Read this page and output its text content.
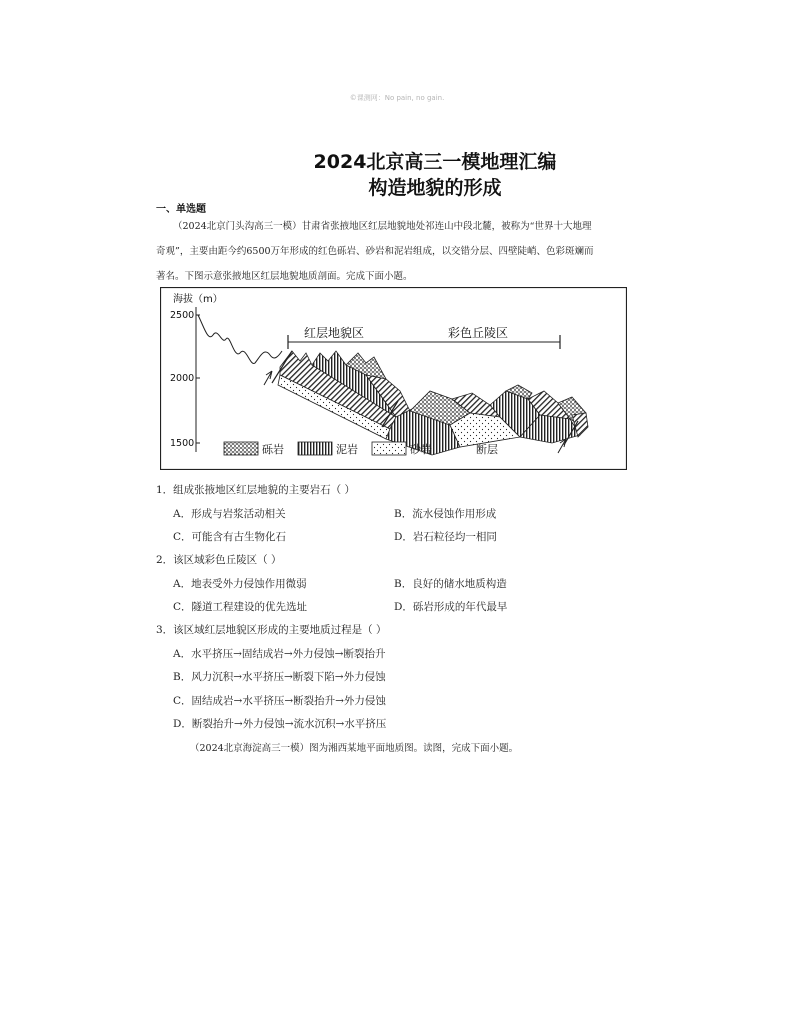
©课测网：No pain, no gain.
2024北京高三一模地理汇编
构造地貌的形成
一、单选题
（2024北京门头沟高三一模）甘肃省张掖地区红层地貌地处祁连山中段北麓，被称为“世界十大地理
奇观”，主要由距今约6500万年形成的红色砾岩、砂岩和泥岩组成，以交错分层、四壁陡峭、色彩斑斓而
著名。下图示意张掖地区红层地貌地质剖面。完成下面小题。
海拔（m）
2500
2000
1500
红层地貌区	彩色丘陵区
砾岩	泥岩	砂岩	断层
1．组成张掖地区红层地貌的主要岩石（ ）
A．形成与岩浆活动相关	B．流水侵蚀作用形成
C．可能含有古生物化石	D．岩石粒径均一相同
2．该区域彩色丘陵区（ ）
A．地表受外力侵蚀作用微弱	B．良好的储水地质构造
C．隧道工程建设的优先选址	D．砾岩形成的年代最早
3．该区域红层地貌区形成的主要地质过程是（ ）
A．水平挤压→固结成岩→外力侵蚀→断裂抬升
B．风力沉积→水平挤压→断裂下陷→外力侵蚀
C．固结成岩→水平挤压→断裂抬升→外力侵蚀
D．断裂抬升→外力侵蚀→流水沉积→水平挤压
（2024北京海淀高三一模）图为湘西某地平面地质图。读图，完成下面小题。
